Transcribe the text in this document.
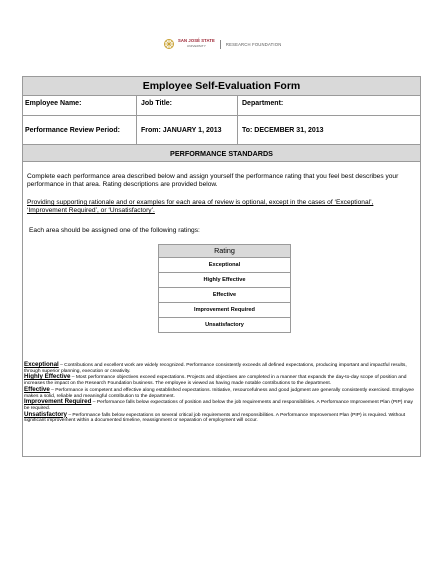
SAN JOSÉ STATE
UNIVERSITY	RESEARCH FOUNDATION
Employee Self-Evaluation Form
Employee Name:	Job Title:	Department:
Performance Review Period:	From: JANUARY 1, 2013	To: DECEMBER 31, 2013
PERFORMANCE STANDARDS
Complete each performance area described below and assign yourself the performance rating that you feel best describes your performance in that area. Rating descriptions are provided below.
Providing supporting rationale and or examples for each area of review is optional, except in the cases of ‘Exceptional’, ‘Improvement Required’, or ‘Unsatisfactory’.
Each area should be assigned one of the following ratings:
Rating
Exceptional
Highly Effective
Effective
Improvement Required
Unsatisfactory

Exceptional – Contributions and excellent work are widely recognized. Performance consistently exceeds all defined expectations, producing important and impactful results, through superior planning, execution or creativity.

Highly Effective – Most performance objectives exceed expectations. Projects and objectives are completed in a manner that expands the day-to-day scope of position and increases the impact on the Research Foundation business. The employee is viewed as having made notable contributions to the department.

Effective – Performance is competent and effective along established expectations. Initiative, resourcefulness and good judgment are generally consistently exercised. Employee makes a solid, reliable and meaningful contribution to the department.

Improvement Required – Performance falls below expectations of position and below the job requirements and responsibilities. A Performance Improvement Plan (PIP) may be required.

Unsatisfactory – Performance falls below expectations on several critical job requirements and responsibilities. A Performance Improvement Plan (PIP) is required. Without significant improvement within a documented timeline, reassignment or separation of employment will occur.
